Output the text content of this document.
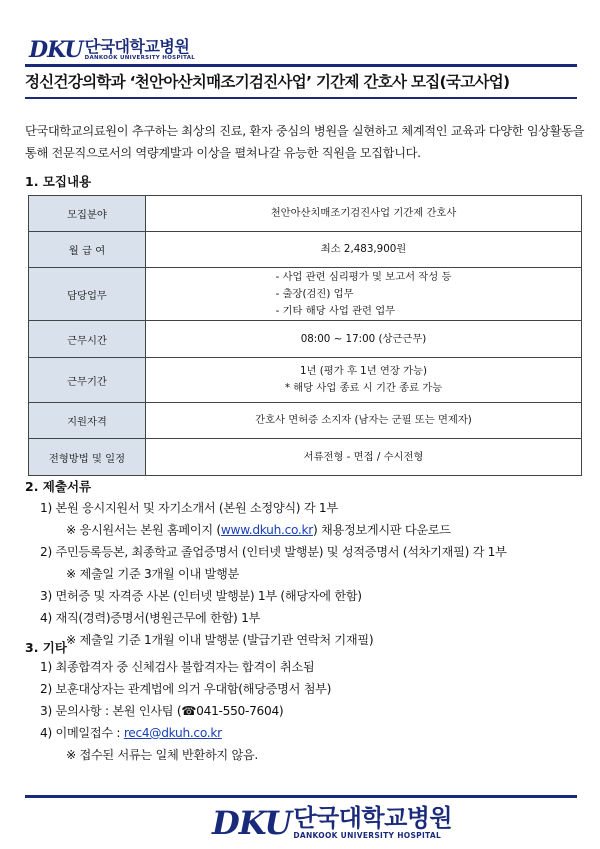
DKU 단국대학교병원
DANKOOK UNIVERSITY HOSPITAL
정신건강의학과 ‘천안아산치매조기검진사업’ 기간제 간호사 모집(국고사업)
단국대학교의료원이 추구하는 최상의 진료, 환자 중심의 병원을 실현하고 체계적인 교육과 다양한 임상활동을 통해 전문직으로서의 역량계발과 이상을 펼쳐나갈 유능한 직원을 모집합니다.
1. 모집내용
모집분야	천안아산치매조기검진사업 기간제 간호사

월 급 여	최소 2,483,900원

담당업무	- 사업 관련 심리평가 및 보고서 작성 등
- 출장(검진) 업무
- 기타 해당 사업 관련 업무

근무시간	08:00 ~ 17:00 (상근근무)

근무기간	1년 (평가 후 1년 연장 가능)
* 해당 사업 종료 시 기간 종료 가능

지원자격	간호사 면허증 소지자 (남자는 군필 또는 면제자)

전형방법 및 일정	서류전형 - 면접 / 수시전형
2. 제출서류
1) 본원 응시지원서 및 자기소개서 (본원 소정양식) 각 1부
※ 응시원서는 본원 홈페이지 (www.dkuh.co.kr) 채용정보게시판 다운로드
2) 주민등록등본, 최종학교 졸업증명서 (인터넷 발행분) 및 성적증명서 (석차기재필) 각 1부
※ 제출일 기준 3개월 이내 발행분
3) 면허증 및 자격증 사본 (인터넷 발행분) 1부 (해당자에 한함)
4) 재직(경력)증명서(병원근무에 한함) 1부
※ 제출일 기준 1개월 이내 발행분 (발급기관 연락처 기재필)
3. 기타
1) 최종합격자 중 신체검사 불합격자는 합격이 취소됨
2) 보훈대상자는 관계법에 의거 우대함(해당증명서 첨부)
3) 문의사항 : 본원 인사팀 (☎041-550-7604)
4) 이메일접수 : rec4@dkuh.co.kr
※ 접수된 서류는 일체 반환하지 않음.
DKU 단국대학교병원
DANKOOK UNIVERSITY HOSPITAL
